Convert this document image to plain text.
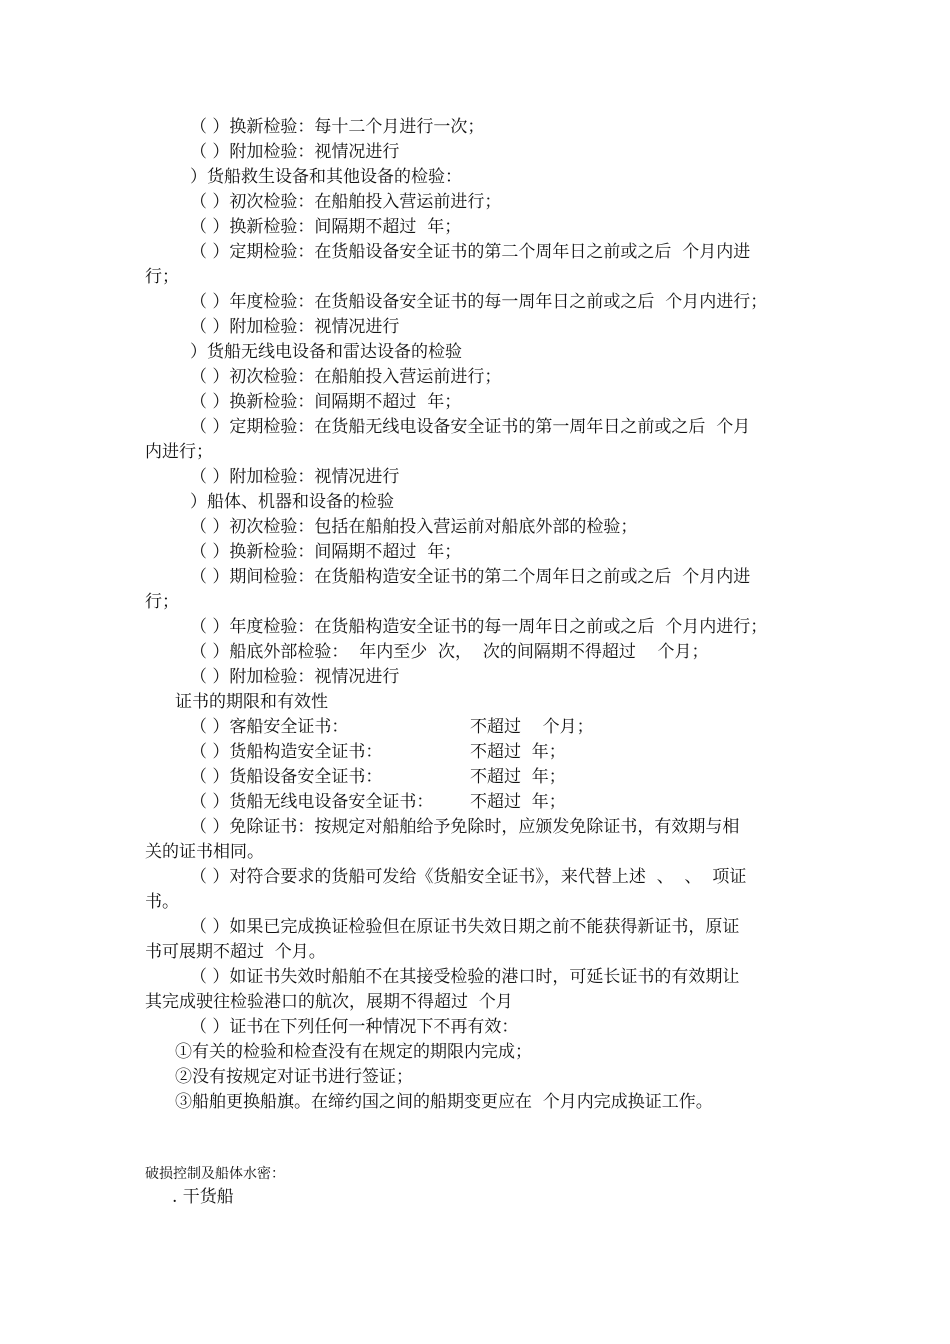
（ ）换新检验：每十二个月进行一次；
（ ）附加检验：视情况进行
）货船救生设备和其他设备的检验：
（ ）初次检验：在船舶投入营运前进行；
（ ）换新检验：间隔期不超过  年；
（ ）定期检验：在货船设备安全证书的第二个周年日之前或之后  个月内进
行；
（ ）年度检验：在货船设备安全证书的每一周年日之前或之后  个月内进行；
（ ）附加检验：视情况进行
）货船无线电设备和雷达设备的检验
（ ）初次检验：在船舶投入营运前进行；
（ ）换新检验：间隔期不超过  年；
（ ）定期检验：在货船无线电设备安全证书的第一周年日之前或之后  个月
内进行；
（ ）附加检验：视情况进行
）船体、机器和设备的检验
（ ）初次检验：包括在船舶投入营运前对船底外部的检验；
（ ）换新检验：间隔期不超过  年；
（ ）期间检验：在货船构造安全证书的第二个周年日之前或之后  个月内进
行；
（ ）年度检验：在货船构造安全证书的每一周年日之前或之后  个月内进行；
（ ）船底外部检验：  年内至少  次，  次的间隔期不得超过    个月；
（ ）附加检验：视情况进行
证书的期限和有效性
（ ）客船安全证书：	不超过    个月；
（ ）货船构造安全证书：	不超过  年；
（ ）货船设备安全证书：	不超过  年；
（ ）货船无线电设备安全证书： 不超过  年；
（ ）免除证书：按规定对船舶给予免除时，应颁发免除证书，有效期与相
关的证书相同。
（ ）对符合要求的货船可发给《货船安全证书》，来代替上述  、  、  项证
书。
（ ）如果已完成换证检验但在原证书失效日期之前不能获得新证书，原证
书可展期不超过  个月。
（ ）如证书失效时船舶不在其接受检验的港口时，可延长证书的有效期让
其完成驶往检验港口的航次，展期不得超过  个月
（ ）证书在下列任何一种情况下不再有效：
①有关的检验和检查没有在规定的期限内完成；
②没有按规定对证书进行签证；
③船舶更换船旗。在缔约国之间的船期变更应在  个月内完成换证工作。
破损控制及船体水密：
. 干货船
